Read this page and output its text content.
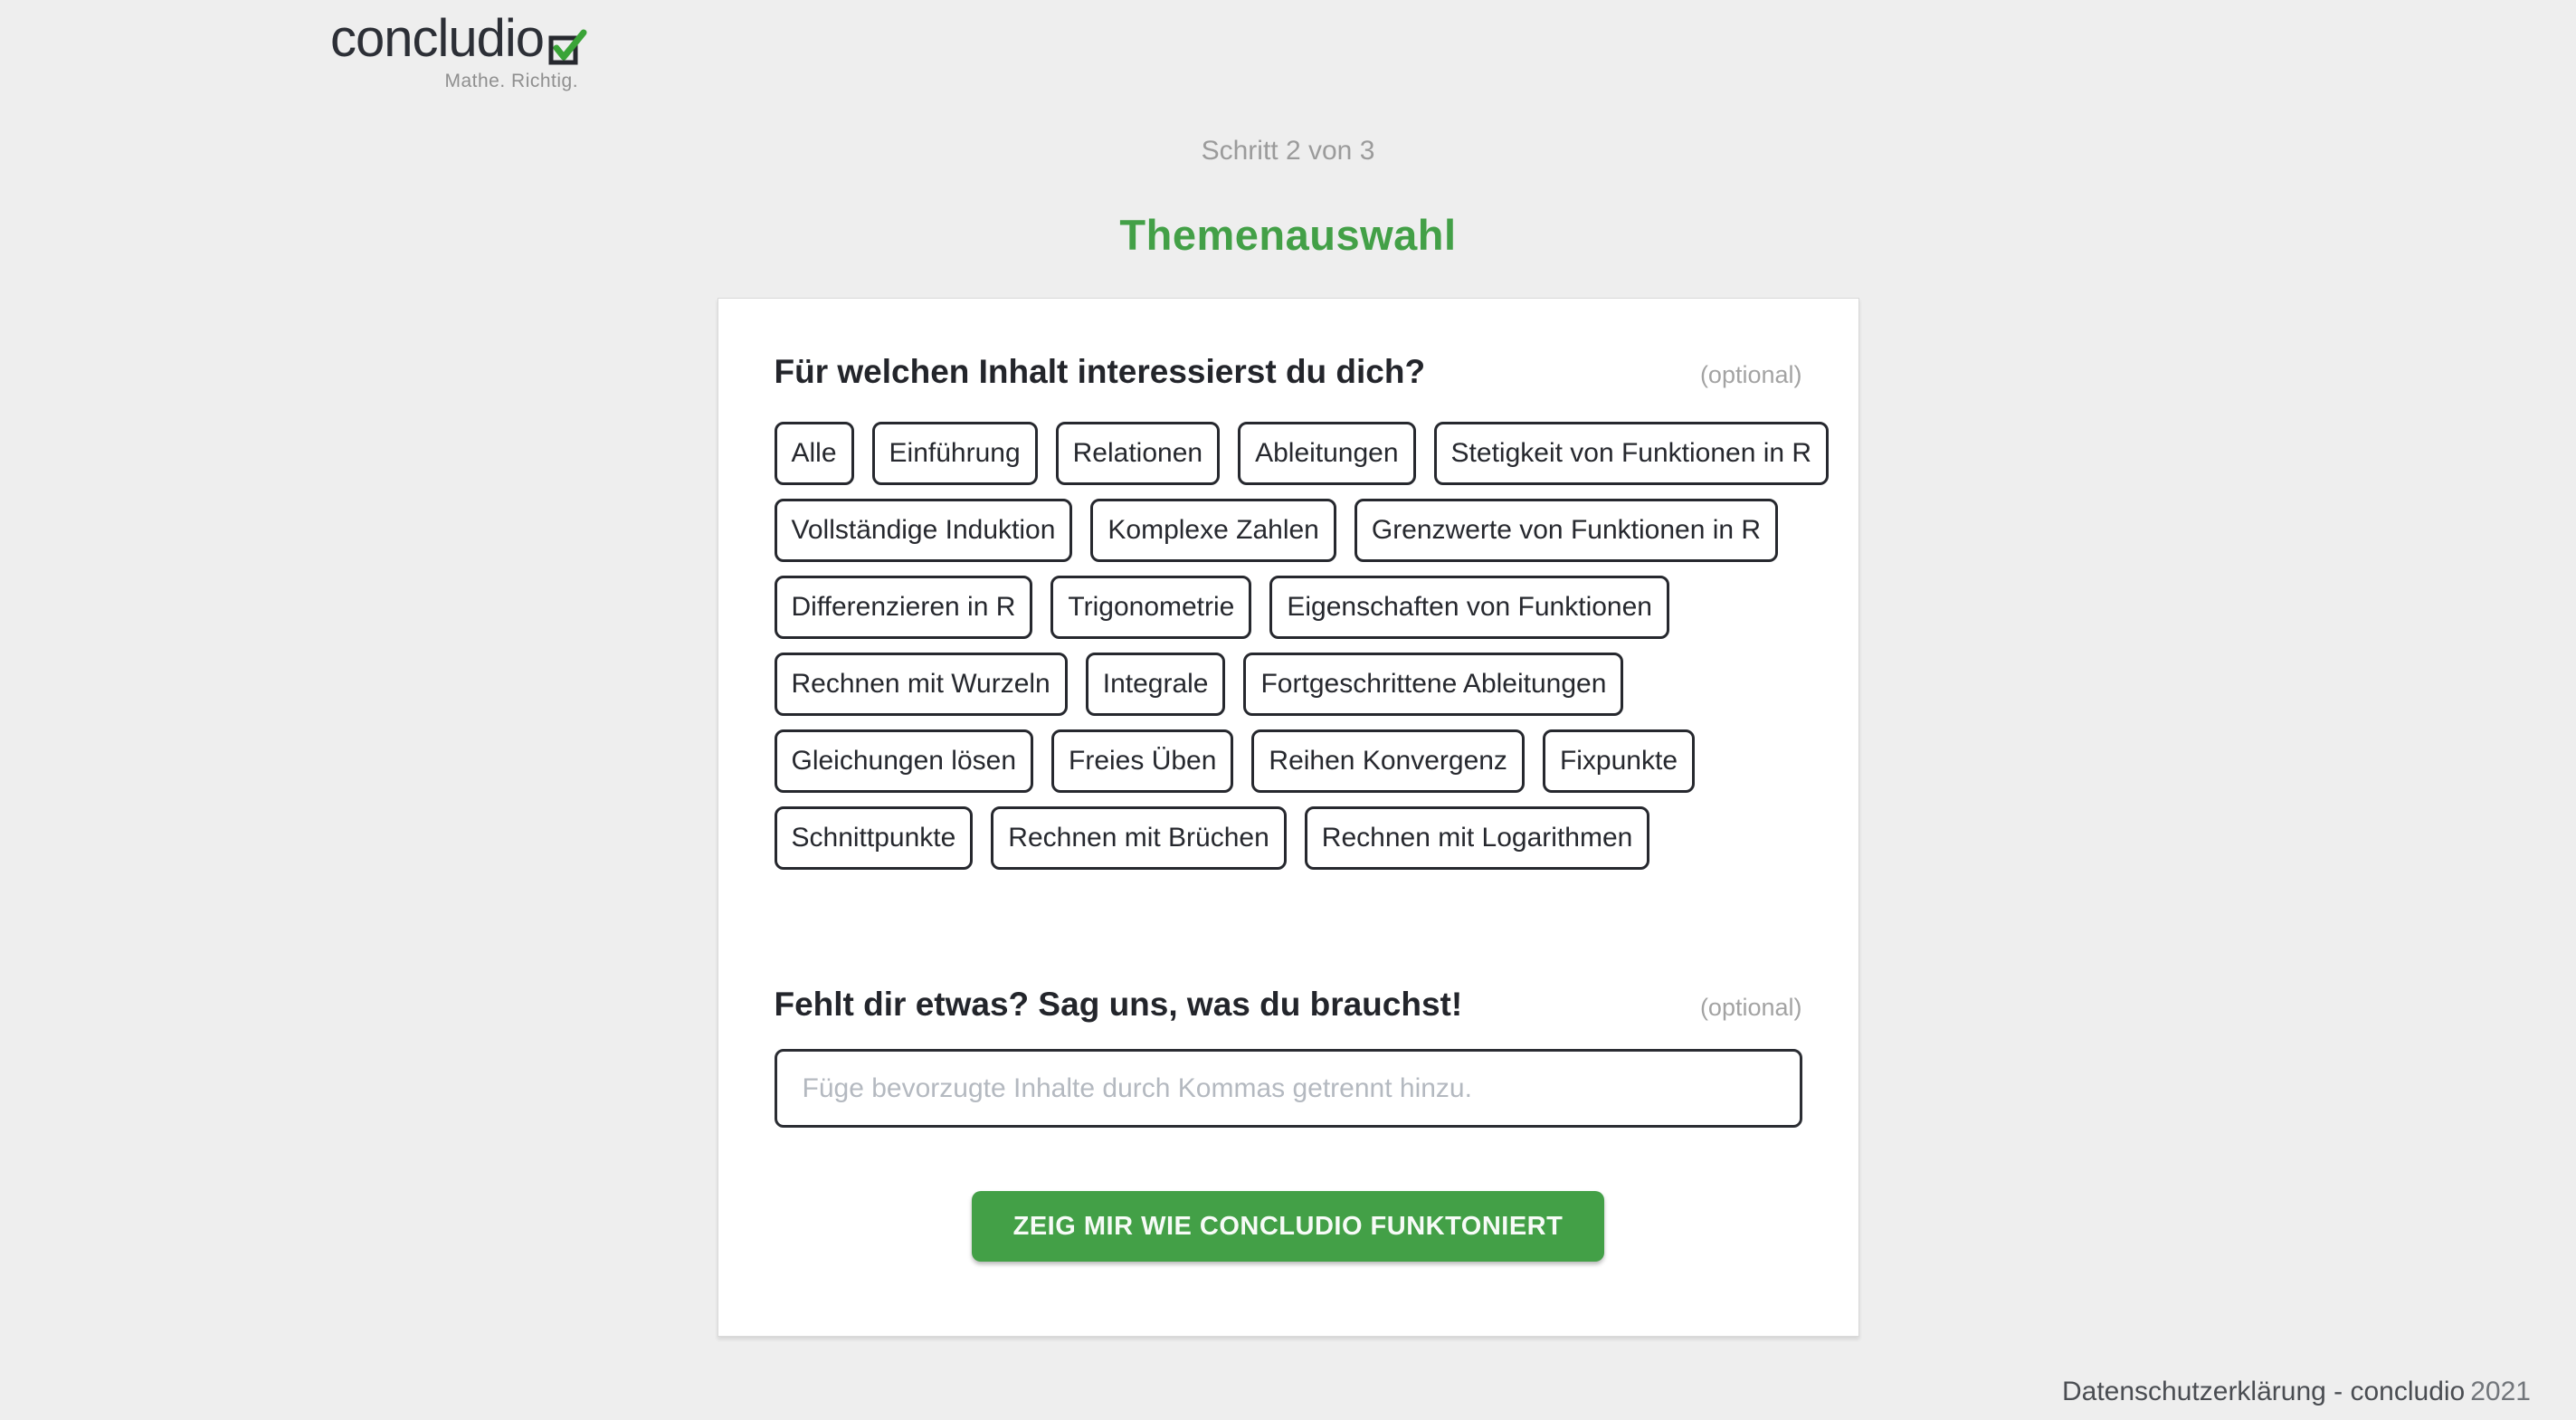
concludio
Mathe. Richtig.
Schritt 2 von 3
Themenauswahl
Für welchen Inhalt interessierst du dich?	(optional)
Alle	Einführung	Relationen	Ableitungen	Stetigkeit von Funktionen in R
Vollständige Induktion	Komplexe Zahlen	Grenzwerte von Funktionen in R
Differenzieren in R	Trigonometrie	Eigenschaften von Funktionen
Rechnen mit Wurzeln	Integrale	Fortgeschrittene Ableitungen
Gleichungen lösen	Freies Üben	Reihen Konvergenz	Fixpunkte
Schnittpunkte	Rechnen mit Brüchen	Rechnen mit Logarithmen
Fehlt dir etwas? Sag uns, was du brauchst!	(optional)
Füge bevorzugte Inhalte durch Kommas getrennt hinzu.
ZEIG MIR WIE CONCLUDIO FUNKTONIERT
Datenschutzerklärung - concludio 2021
